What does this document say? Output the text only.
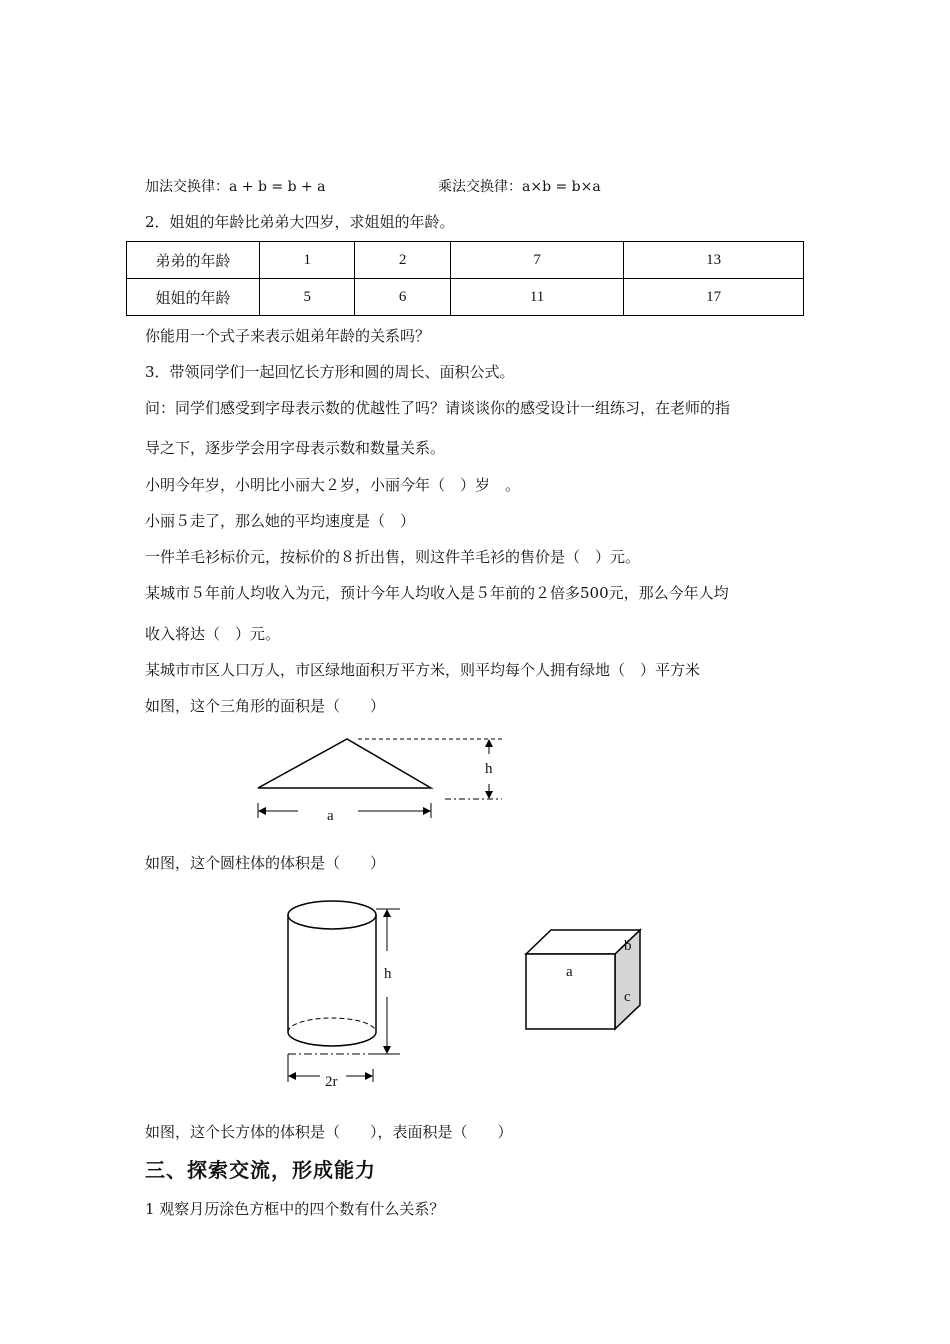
加法交换律：a + b = b + a	乘法交换律：a×b = b×a
2．姐姐的年龄比弟弟大四岁，求姐姐的年龄。
弟弟的年龄	1	2	7	13
姐姐的年龄	5	6	11	17
你能用一个式子来表示姐弟年龄的关系吗？
3．带领同学们一起回忆长方形和圆的周长、面积公式。
问：同学们感受到字母表示数的优越性了吗？请谈谈你的感受设计一组练习，在老师的指
导之下，逐步学会用字母表示数和数量关系。
小明今年岁，小明比小丽大２岁，小丽今年（　）岁　。
小丽５走了，那么她的平均速度是（　）
一件羊毛衫标价元，按标价的８折出售，则这件羊毛衫的售价是（　）元。
某城市５年前人均收入为元，预计今年人均收入是５年前的２倍多500元，那么今年人均
收入将达（　）元。
某城市市区人口万人，市区绿地面积万平方米，则平均每个人拥有绿地（　）平方米
如图，这个三角形的面积是（　　）
h
a
如图，这个圆柱体的体积是（　　）
h
2r
a
b
c
如图，这个长方体的体积是（　　），表面积是（　　）
三、探索交流，形成能力
1 观察月历涂色方框中的四个数有什么关系？
